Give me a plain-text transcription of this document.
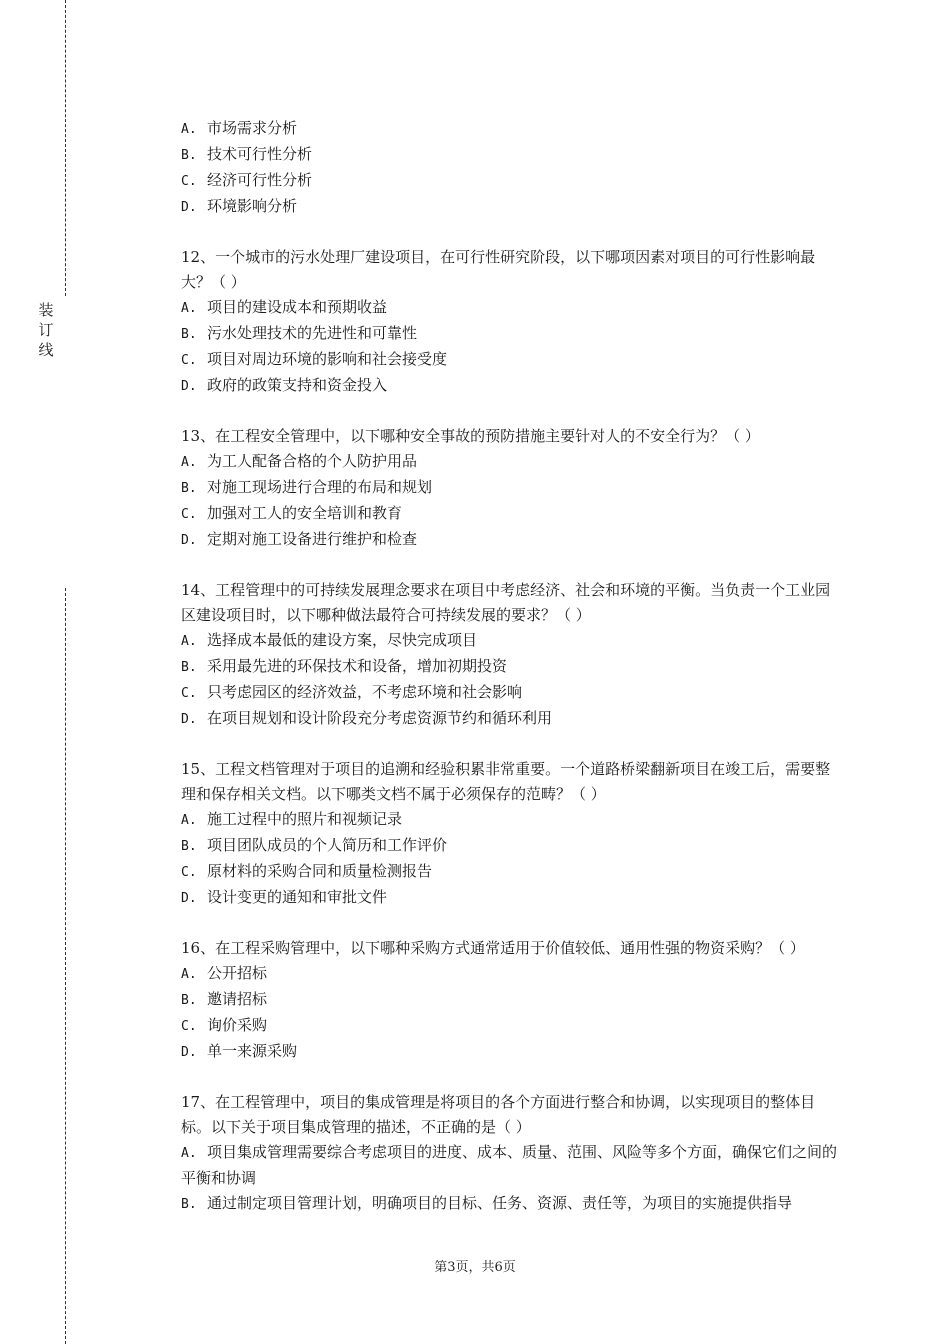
装
订
线
A. 市场需求分析
B. 技术可行性分析
C. 经济可行性分析
D. 环境影响分析

12、一个城市的污水处理厂建设项目，在可行性研究阶段，以下哪项因素对项目的可行性影响最大？（ ）

A. 项目的建设成本和预期收益
B. 污水处理技术的先进性和可靠性
C. 项目对周边环境的影响和社会接受度
D. 政府的政策支持和资金投入

13、在工程安全管理中，以下哪种安全事故的预防措施主要针对人的不安全行为？（ ）

A. 为工人配备合格的个人防护用品
B. 对施工现场进行合理的布局和规划
C. 加强对工人的安全培训和教育
D. 定期对施工设备进行维护和检查

14、工程管理中的可持续发展理念要求在项目中考虑经济、社会和环境的平衡。当负责一个工业园区建设项目时，以下哪种做法最符合可持续发展的要求？（ ）

A. 选择成本最低的建设方案，尽快完成项目
B. 采用最先进的环保技术和设备，增加初期投资
C. 只考虑园区的经济效益，不考虑环境和社会影响
D. 在项目规划和设计阶段充分考虑资源节约和循环利用

15、工程文档管理对于项目的追溯和经验积累非常重要。一个道路桥梁翻新项目在竣工后，需要整理和保存相关文档。以下哪类文档不属于必须保存的范畴？（ ）

A. 施工过程中的照片和视频记录
B. 项目团队成员的个人简历和工作评价
C. 原材料的采购合同和质量检测报告
D. 设计变更的通知和审批文件

16、在工程采购管理中，以下哪种采购方式通常适用于价值较低、通用性强的物资采购？（ ）

A. 公开招标
B. 邀请招标
C. 询价采购
D. 单一来源采购

17、在工程管理中，项目的集成管理是将项目的各个方面进行整合和协调，以实现项目的整体目标。以下关于项目集成管理的描述，不正确的是（ ）

A. 项目集成管理需要综合考虑项目的进度、成本、质量、范围、风险等多个方面，确保它们之间的平衡和协调
B. 通过制定项目管理计划，明确项目的目标、任务、资源、责任等，为项目的实施提供指导
第3页，共6页
